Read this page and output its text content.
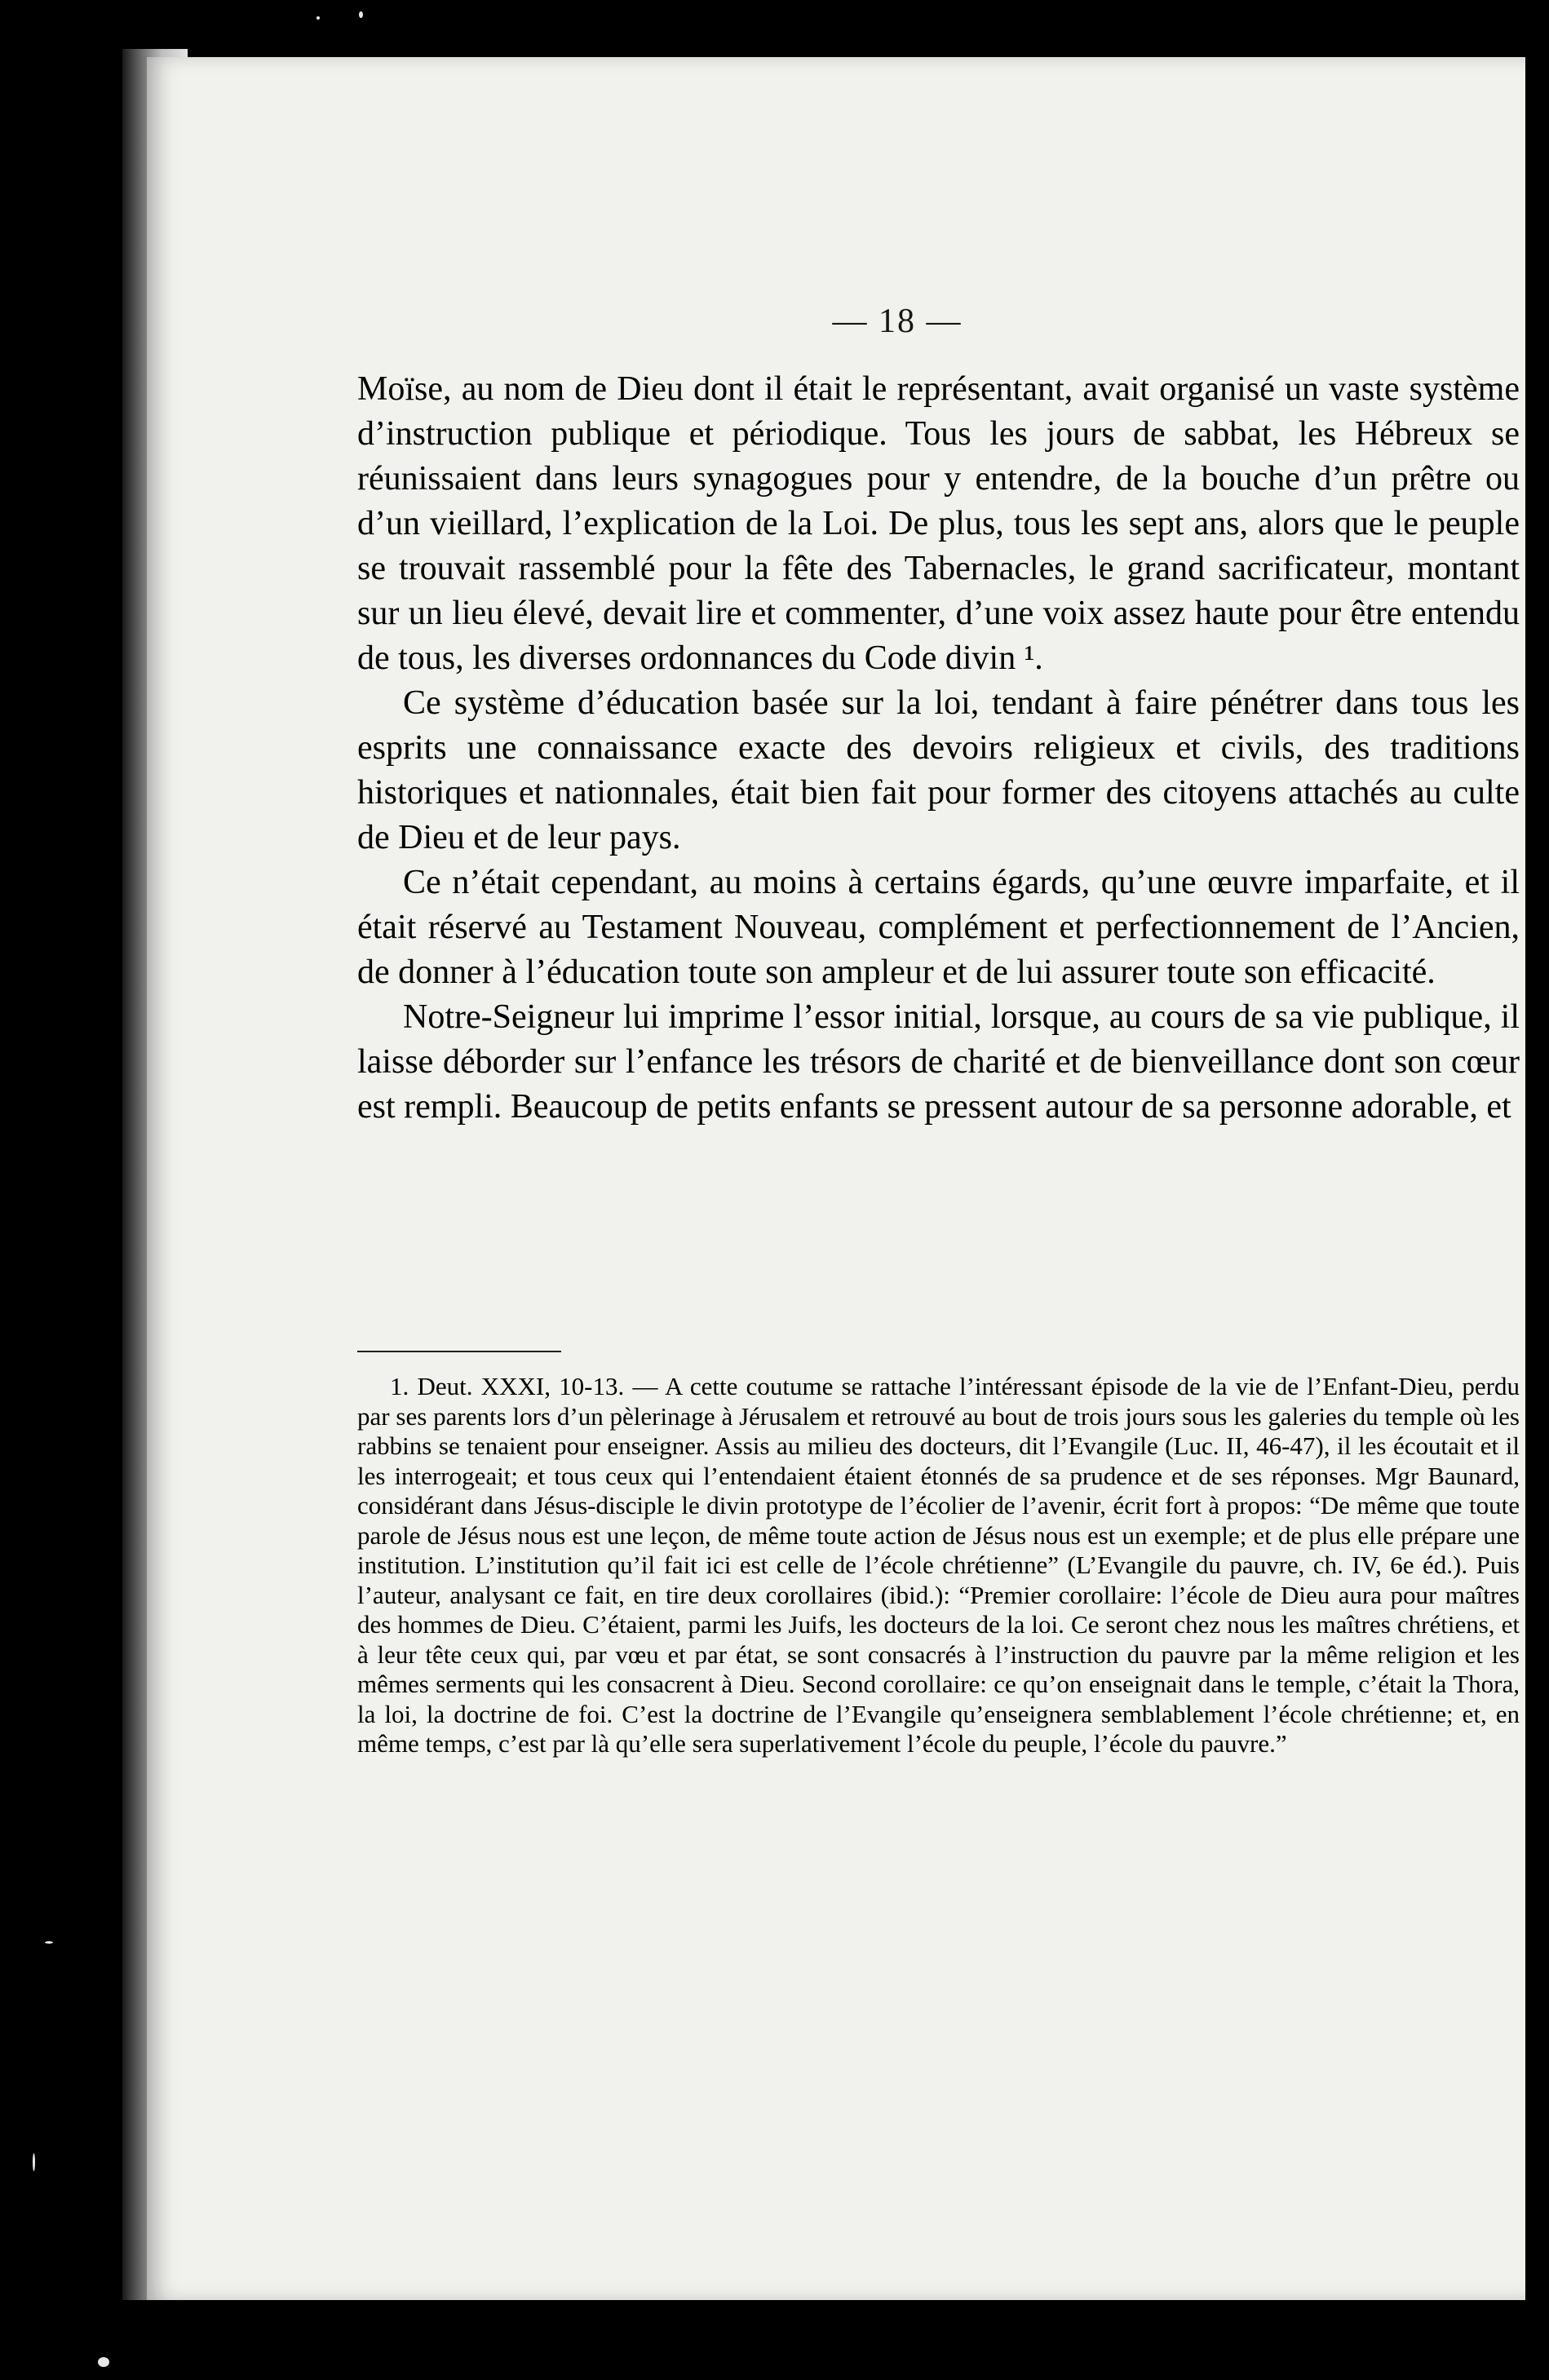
— 18 —

Moïse, au nom de Dieu dont il était le représentant, avait organisé un vaste système d’instruction publique et périodique. Tous les jours de sabbat, les Hébreux se réunissaient dans leurs synagogues pour y entendre, de la bouche d’un prêtre ou d’un vieillard, l’explication de la Loi. De plus, tous les sept ans, alors que le peuple se trouvait rassemblé pour la fête des Tabernacles, le grand sacrificateur, montant sur un lieu élevé, devait lire et commenter, d’une voix assez haute pour être entendu de tous, les diverses ordonnances du Code divin ¹.

Ce système d’éducation basée sur la loi, tendant à faire pénétrer dans tous les esprits une connaissance exacte des devoirs religieux et civils, des traditions historiques et nationnales, était bien fait pour former des citoyens attachés au culte de Dieu et de leur pays.

Ce n’était cependant, au moins à certains égards, qu’une œuvre imparfaite, et il était réservé au Testament Nouveau, complément et perfectionnement de l’Ancien, de donner à l’éducation toute son ampleur et de lui assurer toute son efficacité.

Notre-Seigneur lui imprime l’essor initial, lorsque, au cours de sa vie publique, il laisse déborder sur l’enfance les trésors de charité et de bienveillance dont son cœur est rempli. Beaucoup de petits enfants se pressent autour de sa personne adorable, et

1. Deut. XXXI, 10-13. — A cette coutume se rattache l’intéressant épisode de la vie de l’Enfant-Dieu, perdu par ses parents lors d’un pèlerinage à Jérusalem et retrouvé au bout de trois jours sous les galeries du temple où les rabbins se tenaient pour enseigner. Assis au milieu des docteurs, dit l’Evangile (Luc. II, 46-47), il les écoutait et il les interrogeait; et tous ceux qui l’entendaient étaient étonnés de sa prudence et de ses réponses. Mgr Baunard, considérant dans Jésus-disciple le divin prototype de l’écolier de l’avenir, écrit fort à propos: “De même que toute parole de Jésus nous est une leçon, de même toute action de Jésus nous est un exemple; et de plus elle prépare une institution. L’institution qu’il fait ici est celle de l’école chrétienne” (L’Evangile du pauvre, ch. IV, 6e éd.). Puis l’auteur, analysant ce fait, en tire deux corollaires (ibid.): “Premier corollaire: l’école de Dieu aura pour maîtres des hommes de Dieu. C’étaient, parmi les Juifs, les docteurs de la loi. Ce seront chez nous les maîtres chrétiens, et à leur tête ceux qui, par vœu et par état, se sont consacrés à l’instruction du pauvre par la même religion et les mêmes serments qui les consacrent à Dieu. Second corollaire: ce qu’on enseignait dans le temple, c’était la Thora, la loi, la doctrine de foi. C’est la doctrine de l’Evangile qu’enseignera semblablement l’école chrétienne; et, en même temps, c’est par là qu’elle sera superlativement l’école du peuple, l’école du pauvre.”
